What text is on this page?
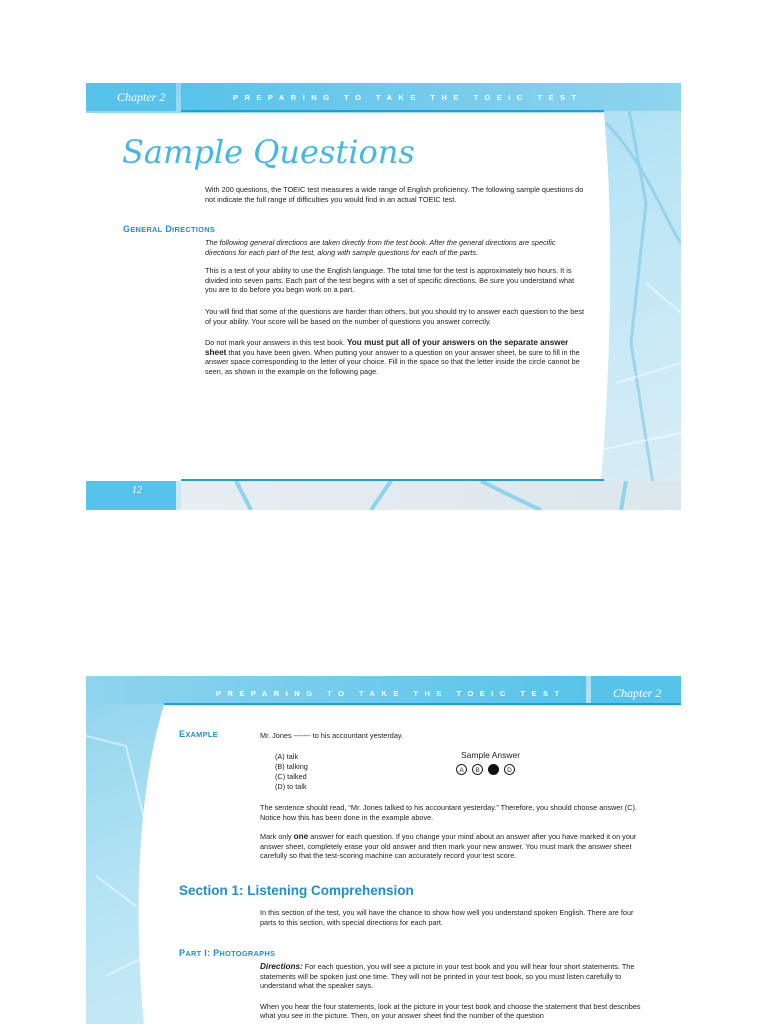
Chapter 2	PREPARING TO TAKE THE TOEIC TEST
Sample Questions

With 200 questions, the TOEIC test measures a wide range of English proficiency. The following sample questions do not indicate the full range of difficulties you would find in an actual TOEIC test.

GENERAL DIRECTIONS

The following general directions are taken directly from the test book. After the general directions are specific directions for each part of the test, along with sample questions for each of the parts.

This is a test of your ability to use the English language. The total time for the test is approximately two hours. It is divided into seven parts. Each part of the test begins with a set of specific directions. Be sure you understand what you are to do before you begin work on a part.

You will find that some of the questions are harder than others, but you should try to answer each question to the best of your ability. Your score will be based on the number of questions you answer correctly.

Do not mark your answers in this test book. You must put all of your answers on the separate answer sheet that you have been given. When putting your answer to a question on your answer sheet, be sure to fill in the answer space corresponding to the letter of your choice. Fill in the space so that the letter inside the circle cannot be seen, as shown in the example on the following page.

12
PREPARING TO TAKE THE TOEIC TEST	Chapter 2
EXAMPLE	Mr. Jones ------- to his accountant yesterday.
(A) talk
(B) talking
(C) talked
(D) to talk
Sample Answer
A	B	D

The sentence should read, “Mr. Jones talked to his accountant yesterday.” Therefore, you should choose answer (C). Notice how this has been done in the example above.

Mark only one answer for each question. If you change your mind about an answer after you have marked it on your answer sheet, completely erase your old answer and then mark your new answer. You must mark the answer sheet carefully so that the test-scoring machine can accurately record your test score.

Section 1: Listening Comprehension
In this section of the test, you will have the chance to show how well you understand spoken English. There are four parts to this section, with special directions for each part.
PART I: PHOTOGRAPHS

Directions: For each question, you will see a picture in your test book and you will hear four short statements. The statements will be spoken just one time. They will not be printed in your test book, so you must listen carefully to understand what the speaker says.

When you hear the four statements, look at the picture in your test book and choose the statement that best describes what you see in the picture. Then, on your answer sheet find the number of the question
